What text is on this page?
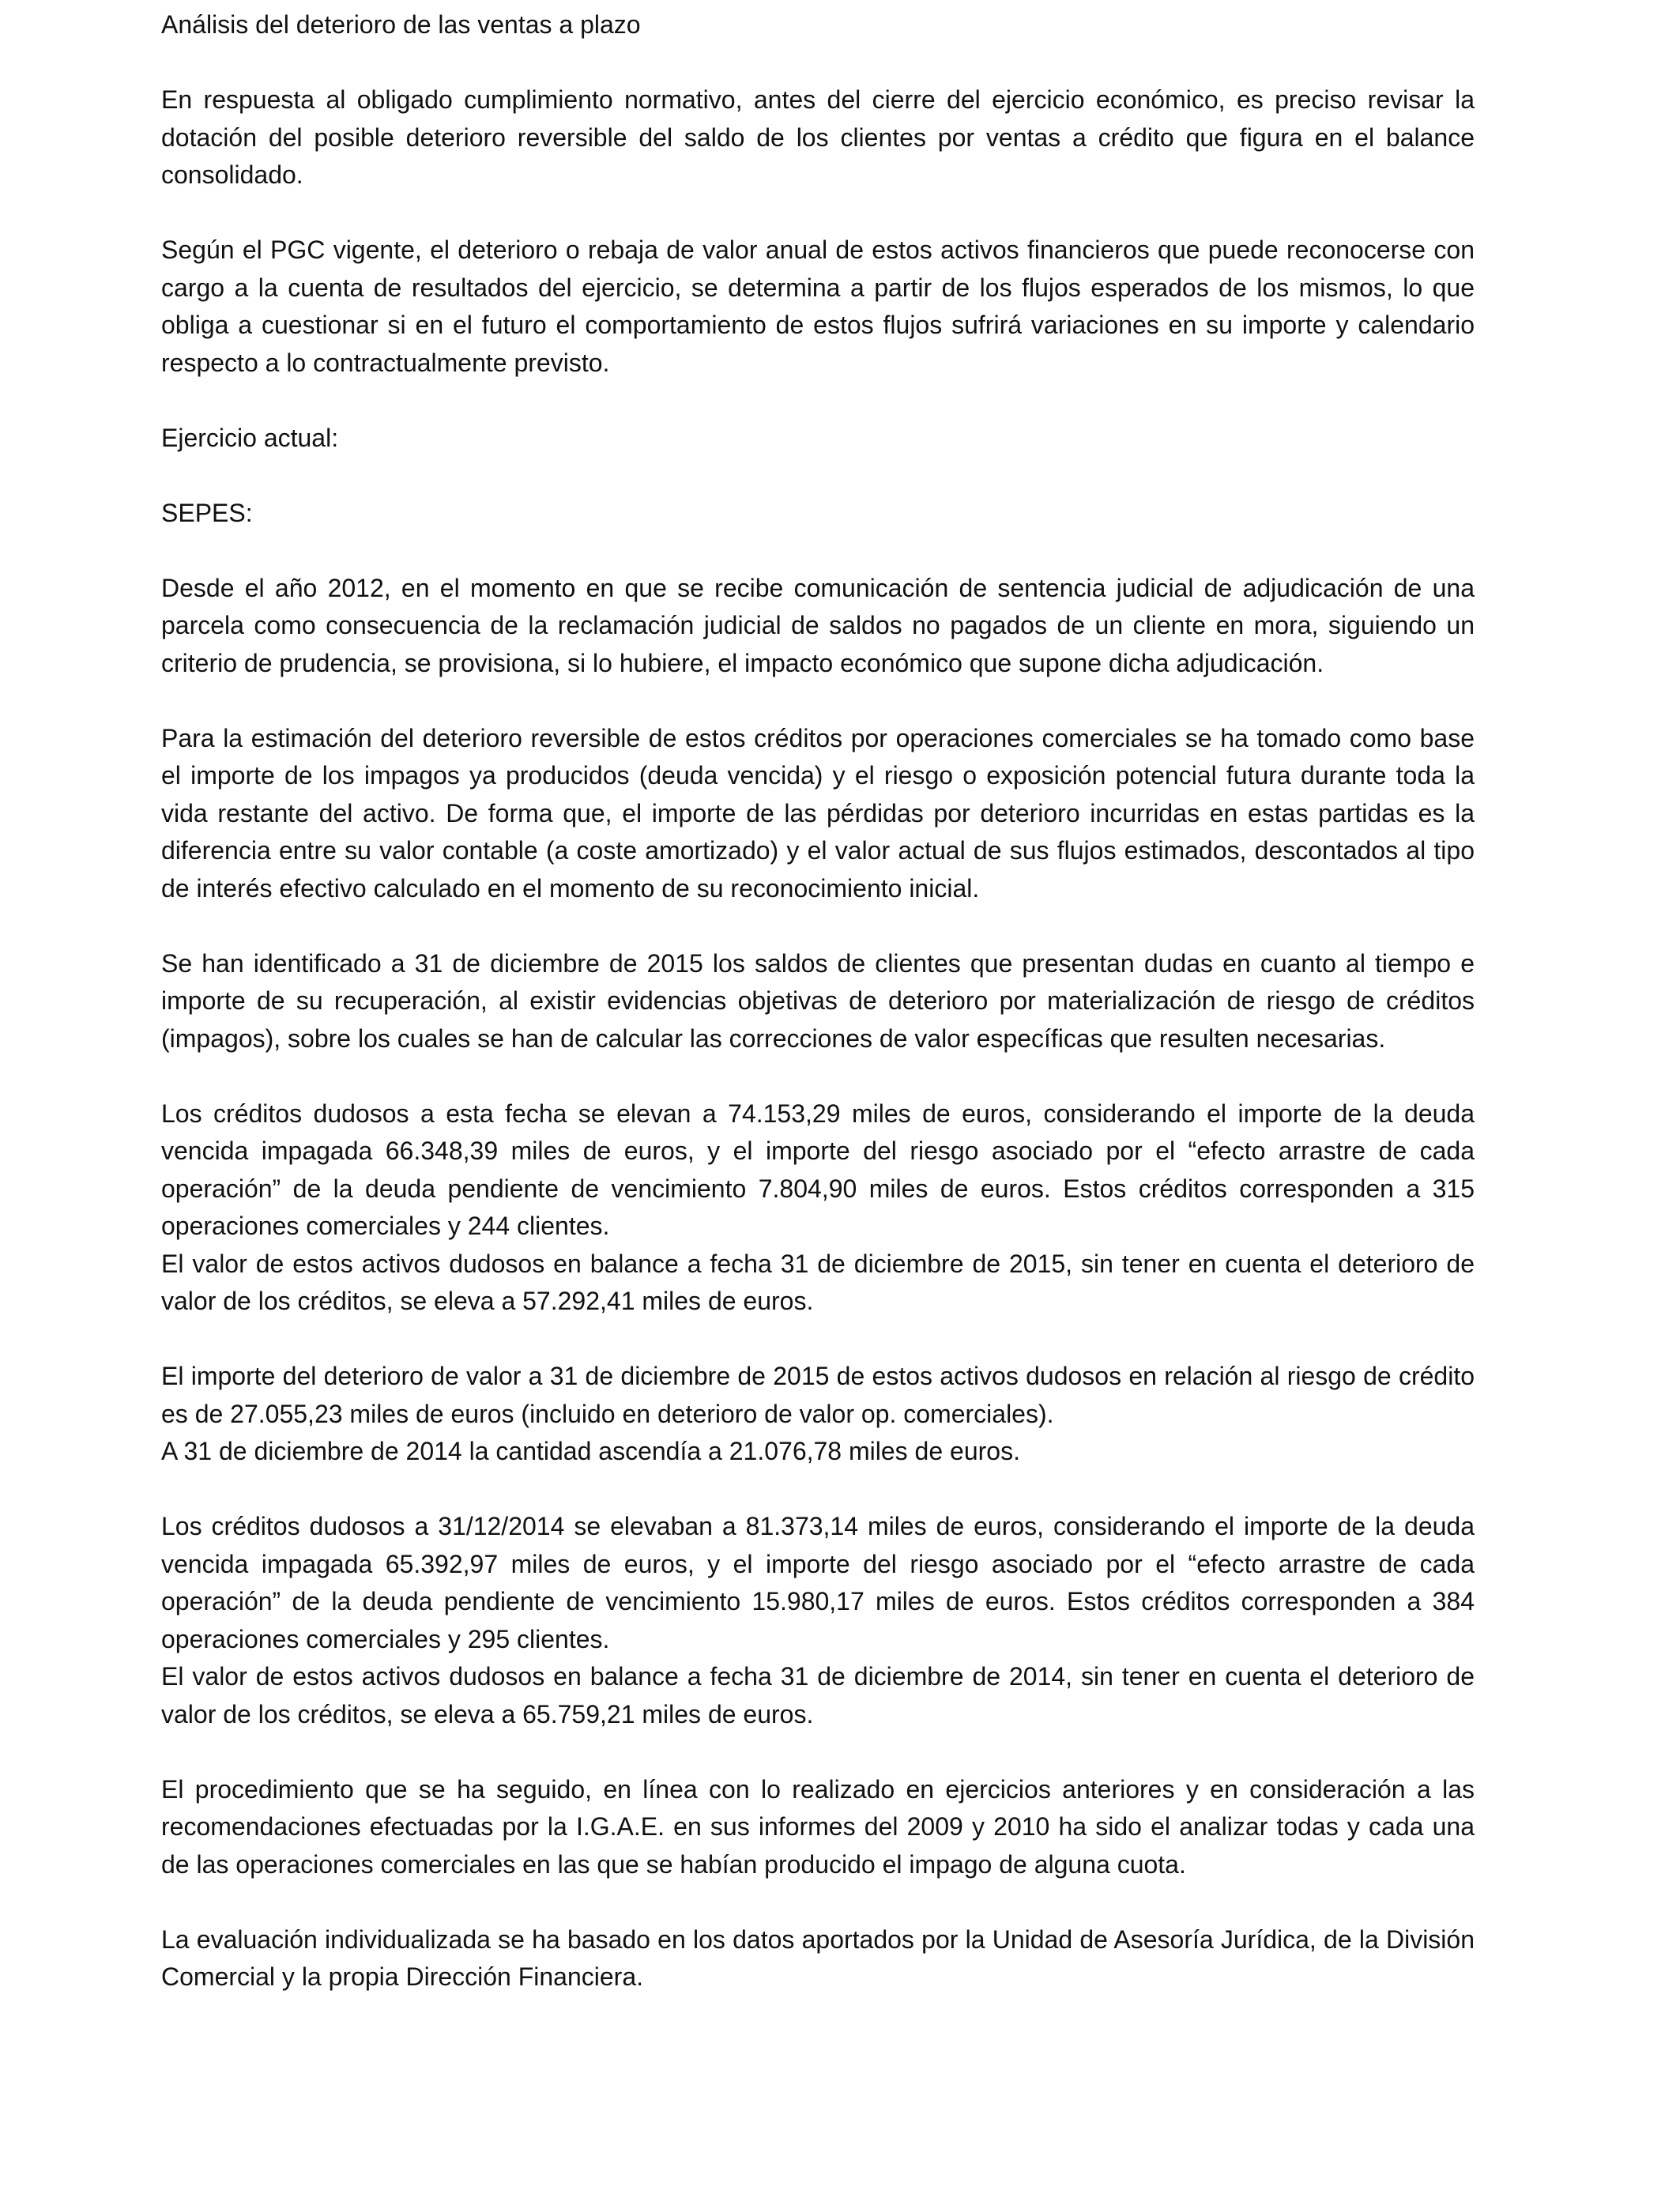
Análisis del deterioro de las ventas a plazo

En respuesta al obligado cumplimiento normativo, antes del cierre del ejercicio económico, es preciso revisar la dotación del posible deterioro reversible del saldo de los clientes por ventas a crédito que figura en el balance consolidado.

Según el PGC vigente, el deterioro o rebaja de valor anual de estos activos financieros que puede reconocerse con cargo a la cuenta de resultados del ejercicio, se determina a partir de los flujos esperados de los mismos, lo que obliga a cuestionar si en el futuro el comportamiento de estos flujos sufrirá variaciones en su importe y calendario respecto a lo contractualmente previsto.

Ejercicio actual:

SEPES:

Desde el año 2012, en el momento en que se recibe comunicación de sentencia judicial de adjudicación de una parcela como consecuencia de la reclamación judicial de saldos no pagados de un cliente en mora, siguiendo un criterio de prudencia, se provisiona, si lo hubiere, el impacto económico que supone dicha adjudicación.

Para la estimación del deterioro reversible de estos créditos por operaciones comerciales se ha tomado como base el importe de los impagos ya producidos (deuda vencida) y el riesgo o exposición potencial futura durante toda la vida restante del activo. De forma que, el importe de las pérdidas por deterioro incurridas en estas partidas es la diferencia entre su valor contable (a coste amortizado) y el valor actual de sus flujos estimados, descontados al tipo de interés efectivo calculado en el momento de su reconocimiento inicial.

Se han identificado a 31 de diciembre de 2015 los saldos de clientes que presentan dudas en cuanto al tiempo e importe de su recuperación, al existir evidencias objetivas de deterioro por materialización de riesgo de créditos (impagos), sobre los cuales se han de calcular las correcciones de valor específicas que resulten necesarias.

Los créditos dudosos a esta fecha se elevan a 74.153,29 miles de euros, considerando el importe de la deuda vencida impagada 66.348,39 miles de euros, y el importe del riesgo asociado por el “efecto arrastre de cada operación” de la deuda pendiente de vencimiento 7.804,90 miles de euros. Estos créditos corresponden a 315 operaciones comerciales y 244 clientes.

El valor de estos activos dudosos en balance a fecha 31 de diciembre de 2015, sin tener en cuenta el deterioro de valor de los créditos, se eleva a 57.292,41 miles de euros.

El importe del deterioro de valor a 31 de diciembre de 2015 de estos activos dudosos en relación al riesgo de crédito es de 27.055,23 miles de euros (incluido en deterioro de valor op. comerciales).

A 31 de diciembre de 2014 la cantidad ascendía a 21.076,78 miles de euros.

Los créditos dudosos a 31/12/2014 se elevaban a 81.373,14 miles de euros, considerando el importe de la deuda vencida impagada 65.392,97 miles de euros, y el importe del riesgo asociado por el “efecto arrastre de cada operación” de la deuda pendiente de vencimiento 15.980,17 miles de euros. Estos créditos corresponden a 384 operaciones comerciales y 295 clientes.

El valor de estos activos dudosos en balance a fecha 31 de diciembre de 2014, sin tener en cuenta el deterioro de valor de los créditos, se eleva a 65.759,21 miles de euros.

El procedimiento que se ha seguido, en línea con lo realizado en ejercicios anteriores y en consideración a las recomendaciones efectuadas por la I.G.A.E. en sus informes del 2009 y 2010 ha sido el analizar todas y cada una de las operaciones comerciales en las que se habían producido el impago de alguna cuota.

La evaluación individualizada se ha basado en los datos aportados por la Unidad de Asesoría Jurídica, de la División Comercial y la propia Dirección Financiera.
